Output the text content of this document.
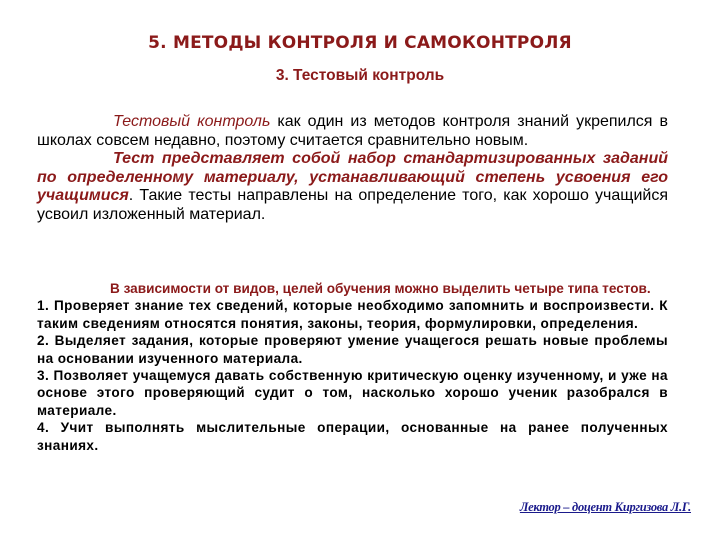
5. МЕТОДЫ КОНТРОЛЯ И САМОКОНТРОЛЯ
3. Тестовый контроль

Тестовый контроль как один из методов контроля знаний укрепился в школах совсем недавно, поэтому считается сравнительно новым.

Тест представляет собой набор стандартизированных заданий по определенному материалу, устанавливающий степень усвоения его учащимися. Такие тесты направлены на определение того, как хорошо учащийся усвоил изложенный материал.

В зависимости от видов, целей обучения можно выделить четыре типа тестов.

1. Проверяет знание тех сведений, которые необходимо запомнить и воспроизвести. К таким сведениям относятся понятия, законы, теория, формулировки, определения.

2. Выделяет задания, которые проверяют умение учащегося решать новые проблемы на основании изученного материала.

3. Позволяет учащемуся давать собственную критическую оценку изученному, и уже на основе этого проверяющий судит о том, насколько хорошо ученик разобрался в материале.

4. Учит выполнять мыслительные операции, основанные на ранее полученных знаниях.

Лектор – доцент Киргизова Л.Г.
